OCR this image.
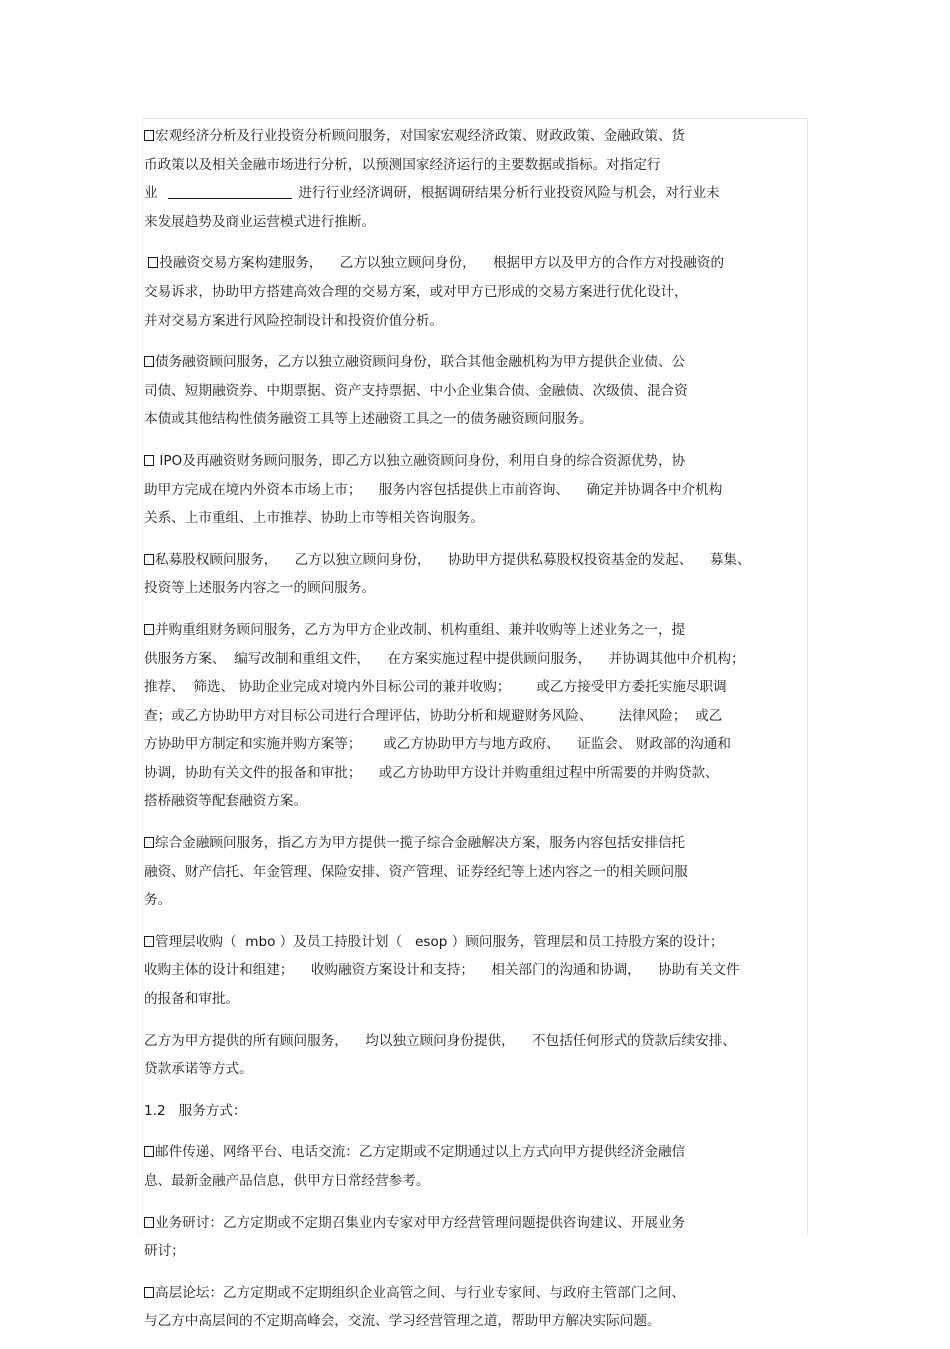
宏观经济分析及行业投资分析顾问服务，对国家宏观经济政策、财政政策、金融政策、货
币政策以及相关金融市场进行分析，以预测国家经济运行的主要数据或指标。对指定行
业	进行行业经济调研，根据调研结果分析行业投资风险与机会，对行业未
来发展趋势及商业运营模式进行推断。
投融资交易方案构建服务，    乙方以独立顾问身份，    根据甲方以及甲方的合作方对投融资的
交易诉求，协助甲方搭建高效合理的交易方案，或对甲方已形成的交易方案进行优化设计，
并对交易方案进行风险控制设计和投资价值分析。
债务融资顾问服务，乙方以独立融资顾问身份，联合其他金融机构为甲方提供企业债、公
司债、短期融资券、中期票据、资产支持票据、中小企业集合债、金融债、次级债、混合资
本债或其他结构性债务融资工具等上述融资工具之一的债务融资顾问服务。
IPO及再融资财务顾问服务，即乙方以独立融资顾问身份，利用自身的综合资源优势，协
助甲方完成在境内外资本市场上市；    服务内容包括提供上市前咨询、    确定并协调各中介机构
关系、上市重组、上市推荐、协助上市等相关咨询服务。
私募股权顾问服务，    乙方以独立顾问身份，    协助甲方提供私募股权投资基金的发起、    募集、
投资等上述服务内容之一的顾问服务。
并购重组财务顾问服务，乙方为甲方企业改制、机构重组、兼并收购等上述业务之一，提
供服务方案、  编写改制和重组文件，    在方案实施过程中提供顾问服务，    并协调其他中介机构；
推荐、  筛选、 协助企业完成对境内外目标公司的兼并收购；      或乙方接受甲方委托实施尽职调
查；或乙方协助甲方对目标公司进行合理评估，协助分析和规避财务风险、      法律风险；  或乙
方协助甲方制定和实施并购方案等；     或乙方协助甲方与地方政府、    证监会、 财政部的沟通和
协调，协助有关文件的报备和审批；    或乙方协助甲方设计并购重组过程中所需要的并购贷款、
搭桥融资等配套融资方案。
综合金融顾问服务，指乙方为甲方提供一揽子综合金融解决方案，服务内容包括安排信托
融资、财产信托、年金管理、保险安排、资产管理、证券经纪等上述内容之一的相关顾问服
务。
管理层收购（  mbo ）及员工持股计划（   esop ）顾问服务，管理层和员工持股方案的设计；
收购主体的设计和组建；    收购融资方案设计和支持；    相关部门的沟通和协调，    协助有关文件
的报备和审批。
乙方为甲方提供的所有顾问服务，    均以独立顾问身份提供，    不包括任何形式的贷款后续安排、
贷款承诺等方式。
1.2 服务方式：
邮件传递、网络平台、电话交流：乙方定期或不定期通过以上方式向甲方提供经济金融信
息、最新金融产品信息，供甲方日常经营参考。
业务研讨：乙方定期或不定期召集业内专家对甲方经营管理问题提供咨询建议、开展业务
研讨；
高层论坛：乙方定期或不定期组织企业高管之间、与行业专家间、与政府主管部门之间、
与乙方中高层间的不定期高峰会，交流、学习经营管理之道，帮助甲方解决实际问题。
